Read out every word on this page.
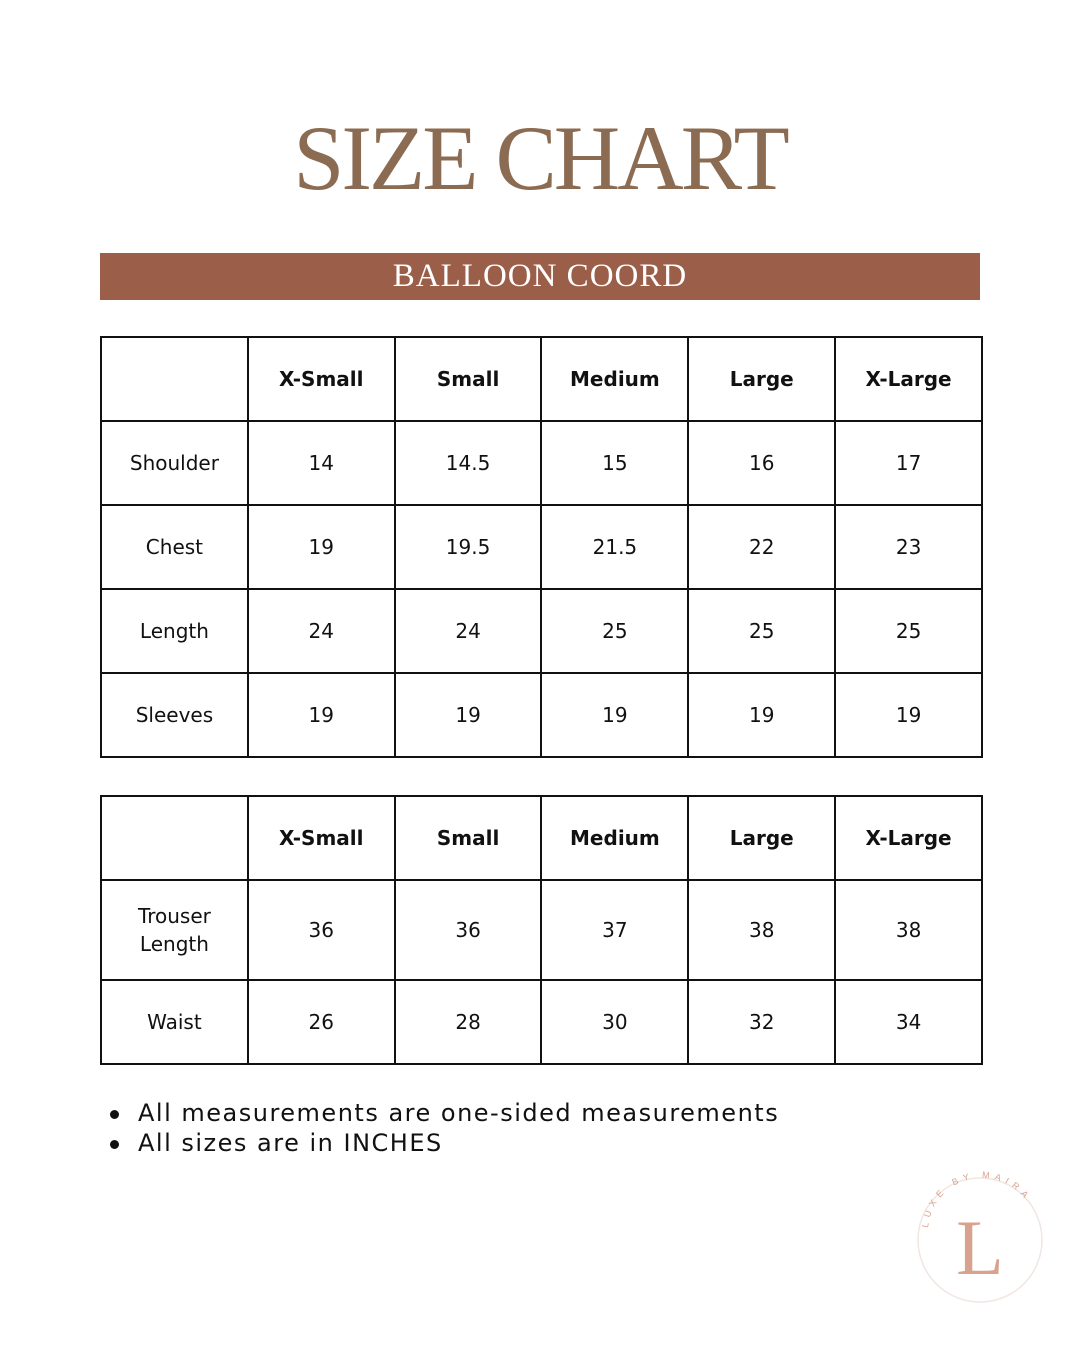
SIZE CHART
BALLOON COORD
	X-Small	Small	Medium	Large	X-Large
Shoulder	14	14.5	15	16	17
Chest	19	19.5	21.5	22	23
Length	24	24	25	25	25
Sleeves	19	19	19	19	19
	X-Small	Small	Medium	Large	X-Large

Trouser
Length	36	36	37	38	38

Waist	26	28	30	32	34
All measurements are one-sided measurements
All sizes are in INCHES
LUXE BY MAIRA
L
